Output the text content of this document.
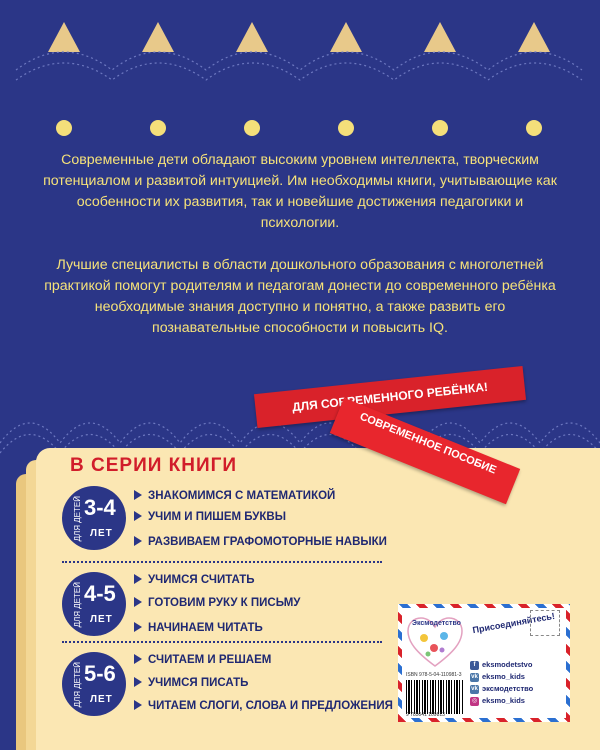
Современные дети обладают высоким уровнем интеллекта, творческим потенциалом и развитой интуицией. Им необходимы книги, учитывающие как особенности их развития, так и новейшие достижения педагогики и психологии.

Лучшие специалисты в области дошкольного образования с многолетней практикой помогут родителям и педагогам донести до современного ребёнка необходимые знания доступно и понятно, а также развить его познавательные способности и повысить IQ.

ДЛЯ СОВРЕМЕННОГО РЕБЁНКА!
СОВРЕМЕННОЕ ПОСОБИЕ
В СЕРИИ КНИГИ
ДЛЯ ДЕТЕЙ 3-4
ЛЕТ
ЗНАКОМИМСЯ С МАТЕМАТИКОЙ
УЧИМ И ПИШЕМ БУКВЫ
РАЗВИВАЕМ ГРАФОМОТОРНЫЕ НАВЫКИ
ДЛЯ ДЕТЕЙ 4-5
ЛЕТ
УЧИМСЯ СЧИТАТЬ
ГОТОВИМ РУКУ К ПИСЬМУ
НАЧИНАЕМ ЧИТАТЬ
ДЛЯ ДЕТЕЙ 5-6
ЛЕТ
СЧИТАЕМ И РЕШАЕМ
УЧИМСЯ ПИСАТЬ
ЧИТАЕМ СЛОГИ, СЛОВА И ПРЕДЛОЖЕНИЯ
Эксмодетство Присоединяйтесь!
ISBN 978-5-04-110981-3
9 785041 109813
f eksmodetstvo
vk eksmo_kids
vk эксмодетство
◎ eksmo_kids
